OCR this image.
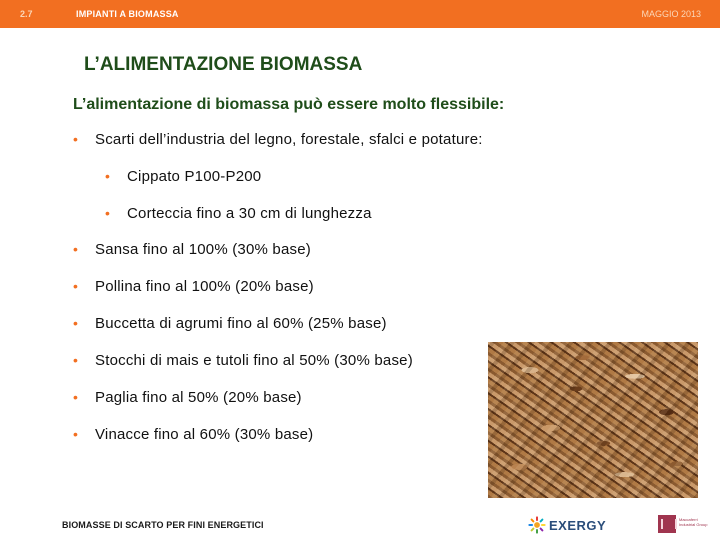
2.7	IMPIANTI A BIOMASSA	MAGGIO 2013
L’ALIMENTAZIONE BIOMASSA
L’alimentazione di biomassa può essere molto flessibile:
• Scarti dell’industria del legno, forestale, sfalci e potature:
• Cippato P100-P200
• Corteccia fino a 30 cm di lunghezza
• Sansa fino al 100% (30% base)
• Pollina fino al 100% (20% base)
• Buccetta di agrumi fino al 60% (25% base)
• Stocchi di mais e tutoli fino al 50% (30% base)
• Paglia fino al 50% (20% base)
• Vinacce fino al 60% (30% base)
BIOMASSE DI SCARTO PER FINI ENERGETICI	EXERGY	Maccaferri Industrial Group
